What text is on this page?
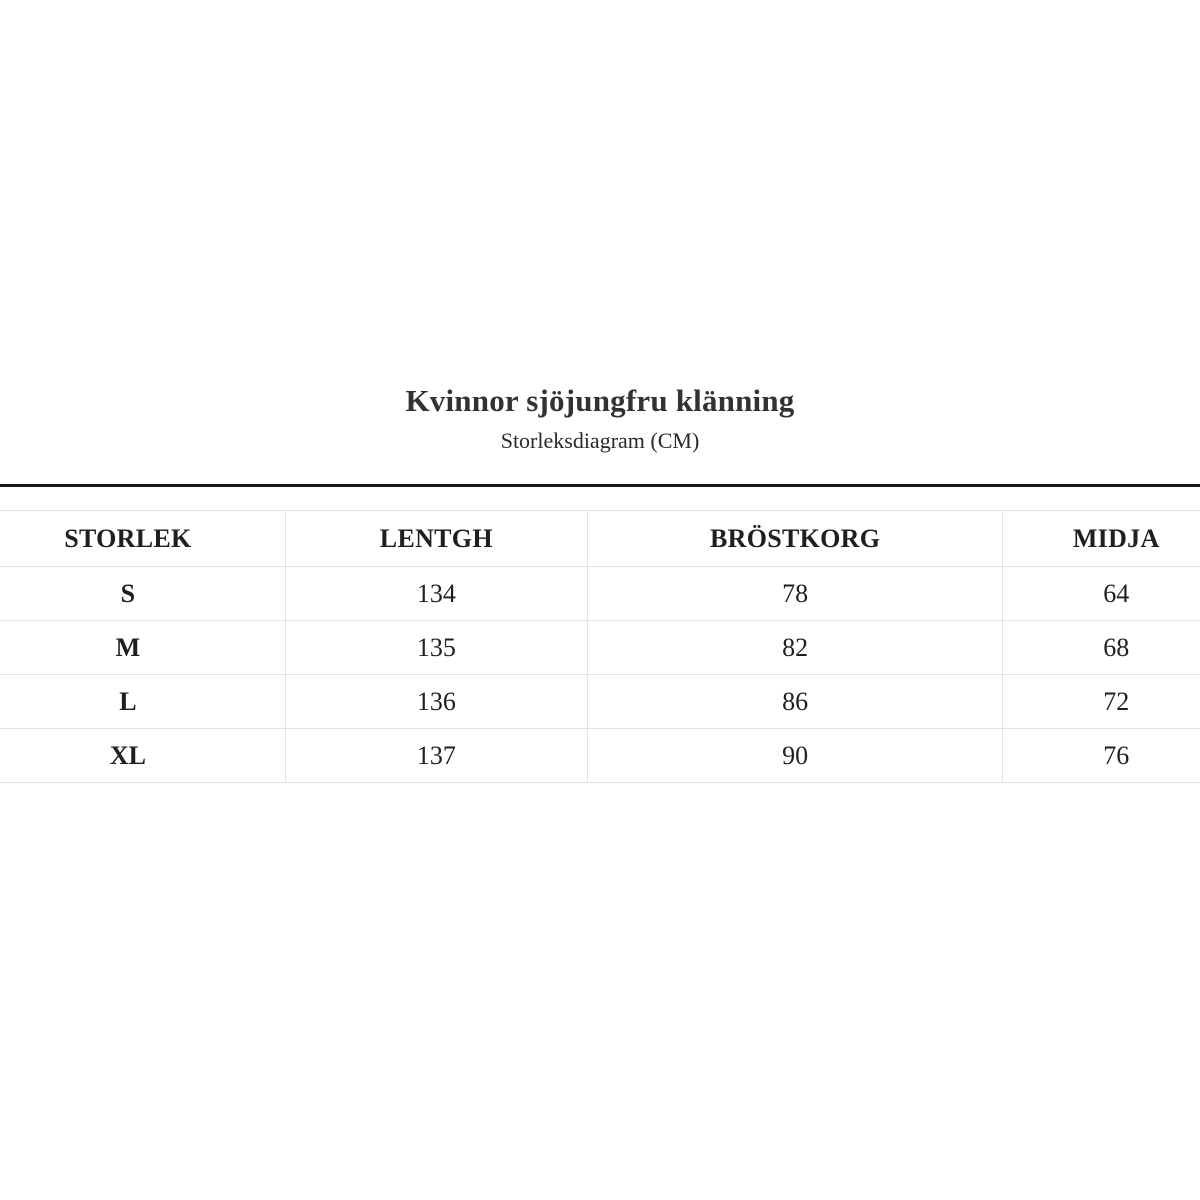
Kvinnor sjöjungfru klänning
Storleksdiagram (CM)
STORLEK	LENTGH	BRÖSTKORG	MIDJA
S	134	78	64
M	135	82	68
L	136	86	72
XL	137	90	76
